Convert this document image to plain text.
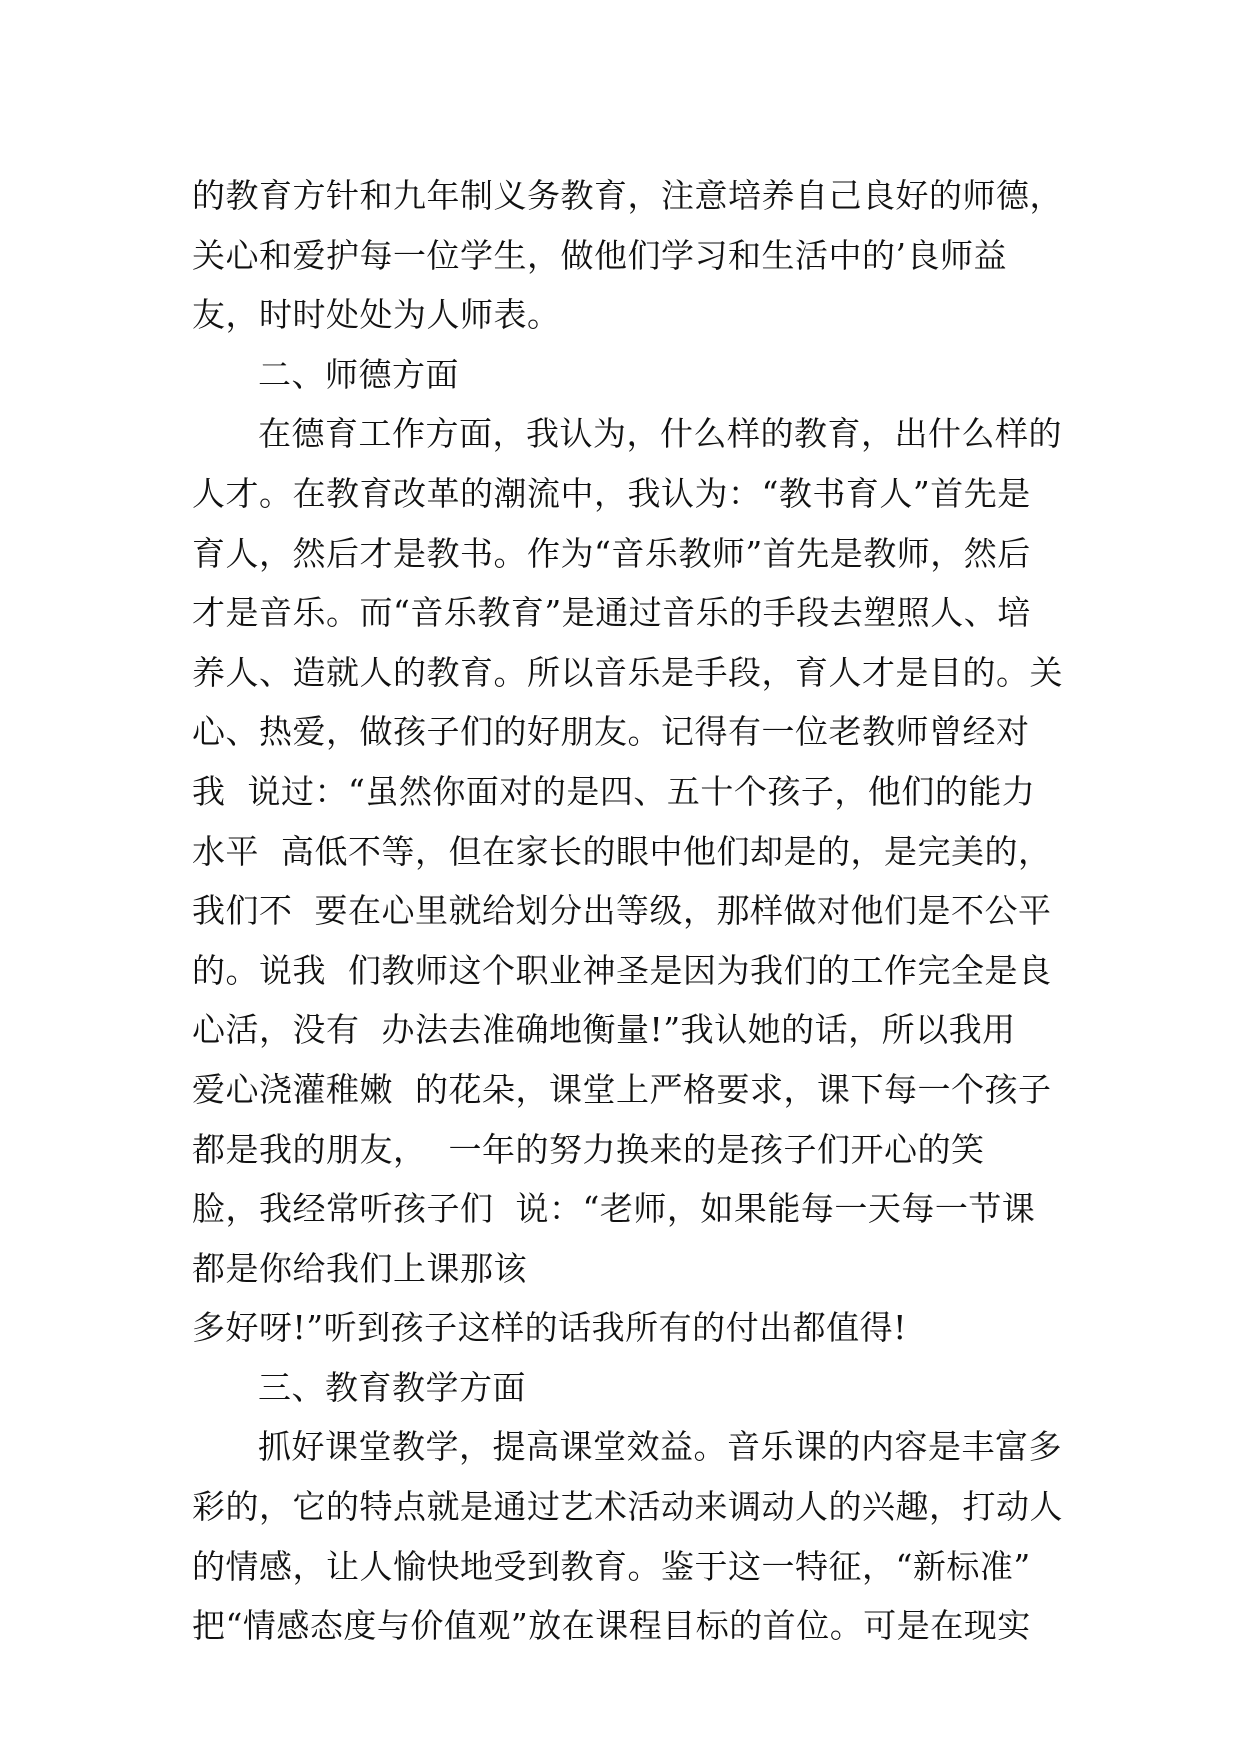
的教育方针和九年制义务教育，注意培养自己良好的师德，
关心和爱护每一位学生，做他们学习和生活中的’良师益
友，时时处处为人师表。
二、师德方面
在德育工作方面，我认为，什么样的教育，出什么样的
人才。在教育改革的潮流中，我认为：“教书育人”首先是
育人，然后才是教书。作为“音乐教师”首先是教师，然后
才是音乐。而“音乐教育”是通过音乐的手段去塑照人、培
养人、造就人的教育。所以音乐是手段，育人才是目的。关
心、热爱，做孩子们的好朋友。记得有一位老教师曾经对
我  说过：“虽然你面对的是四、五十个孩子，他们的能力
水平  高低不等，但在家长的眼中他们却是的，是完美的，
我们不  要在心里就给划分出等级，那样做对他们是不公平
的。说我  们教师这个职业神圣是因为我们的工作完全是良
心活，没有  办法去准确地衡量!”我认她的话，所以我用
爱心浇灌稚嫩  的花朵，课堂上严格要求，课下每一个孩子
都是我的朋友，  一年的努力换来的是孩子们开心的笑
脸，我经常听孩子们  说：“老师，如果能每一天每一节课
都是你给我们上课那该
多好呀!”听到孩子这样的话我所有的付出都值得!
三、教育教学方面
抓好课堂教学，提高课堂效益。音乐课的内容是丰富多
彩的，它的特点就是通过艺术活动来调动人的兴趣，打动人
的情感，让人愉快地受到教育。鉴于这一特征，“新标准”
把“情感态度与价值观”放在课程目标的首位。可是在现实
